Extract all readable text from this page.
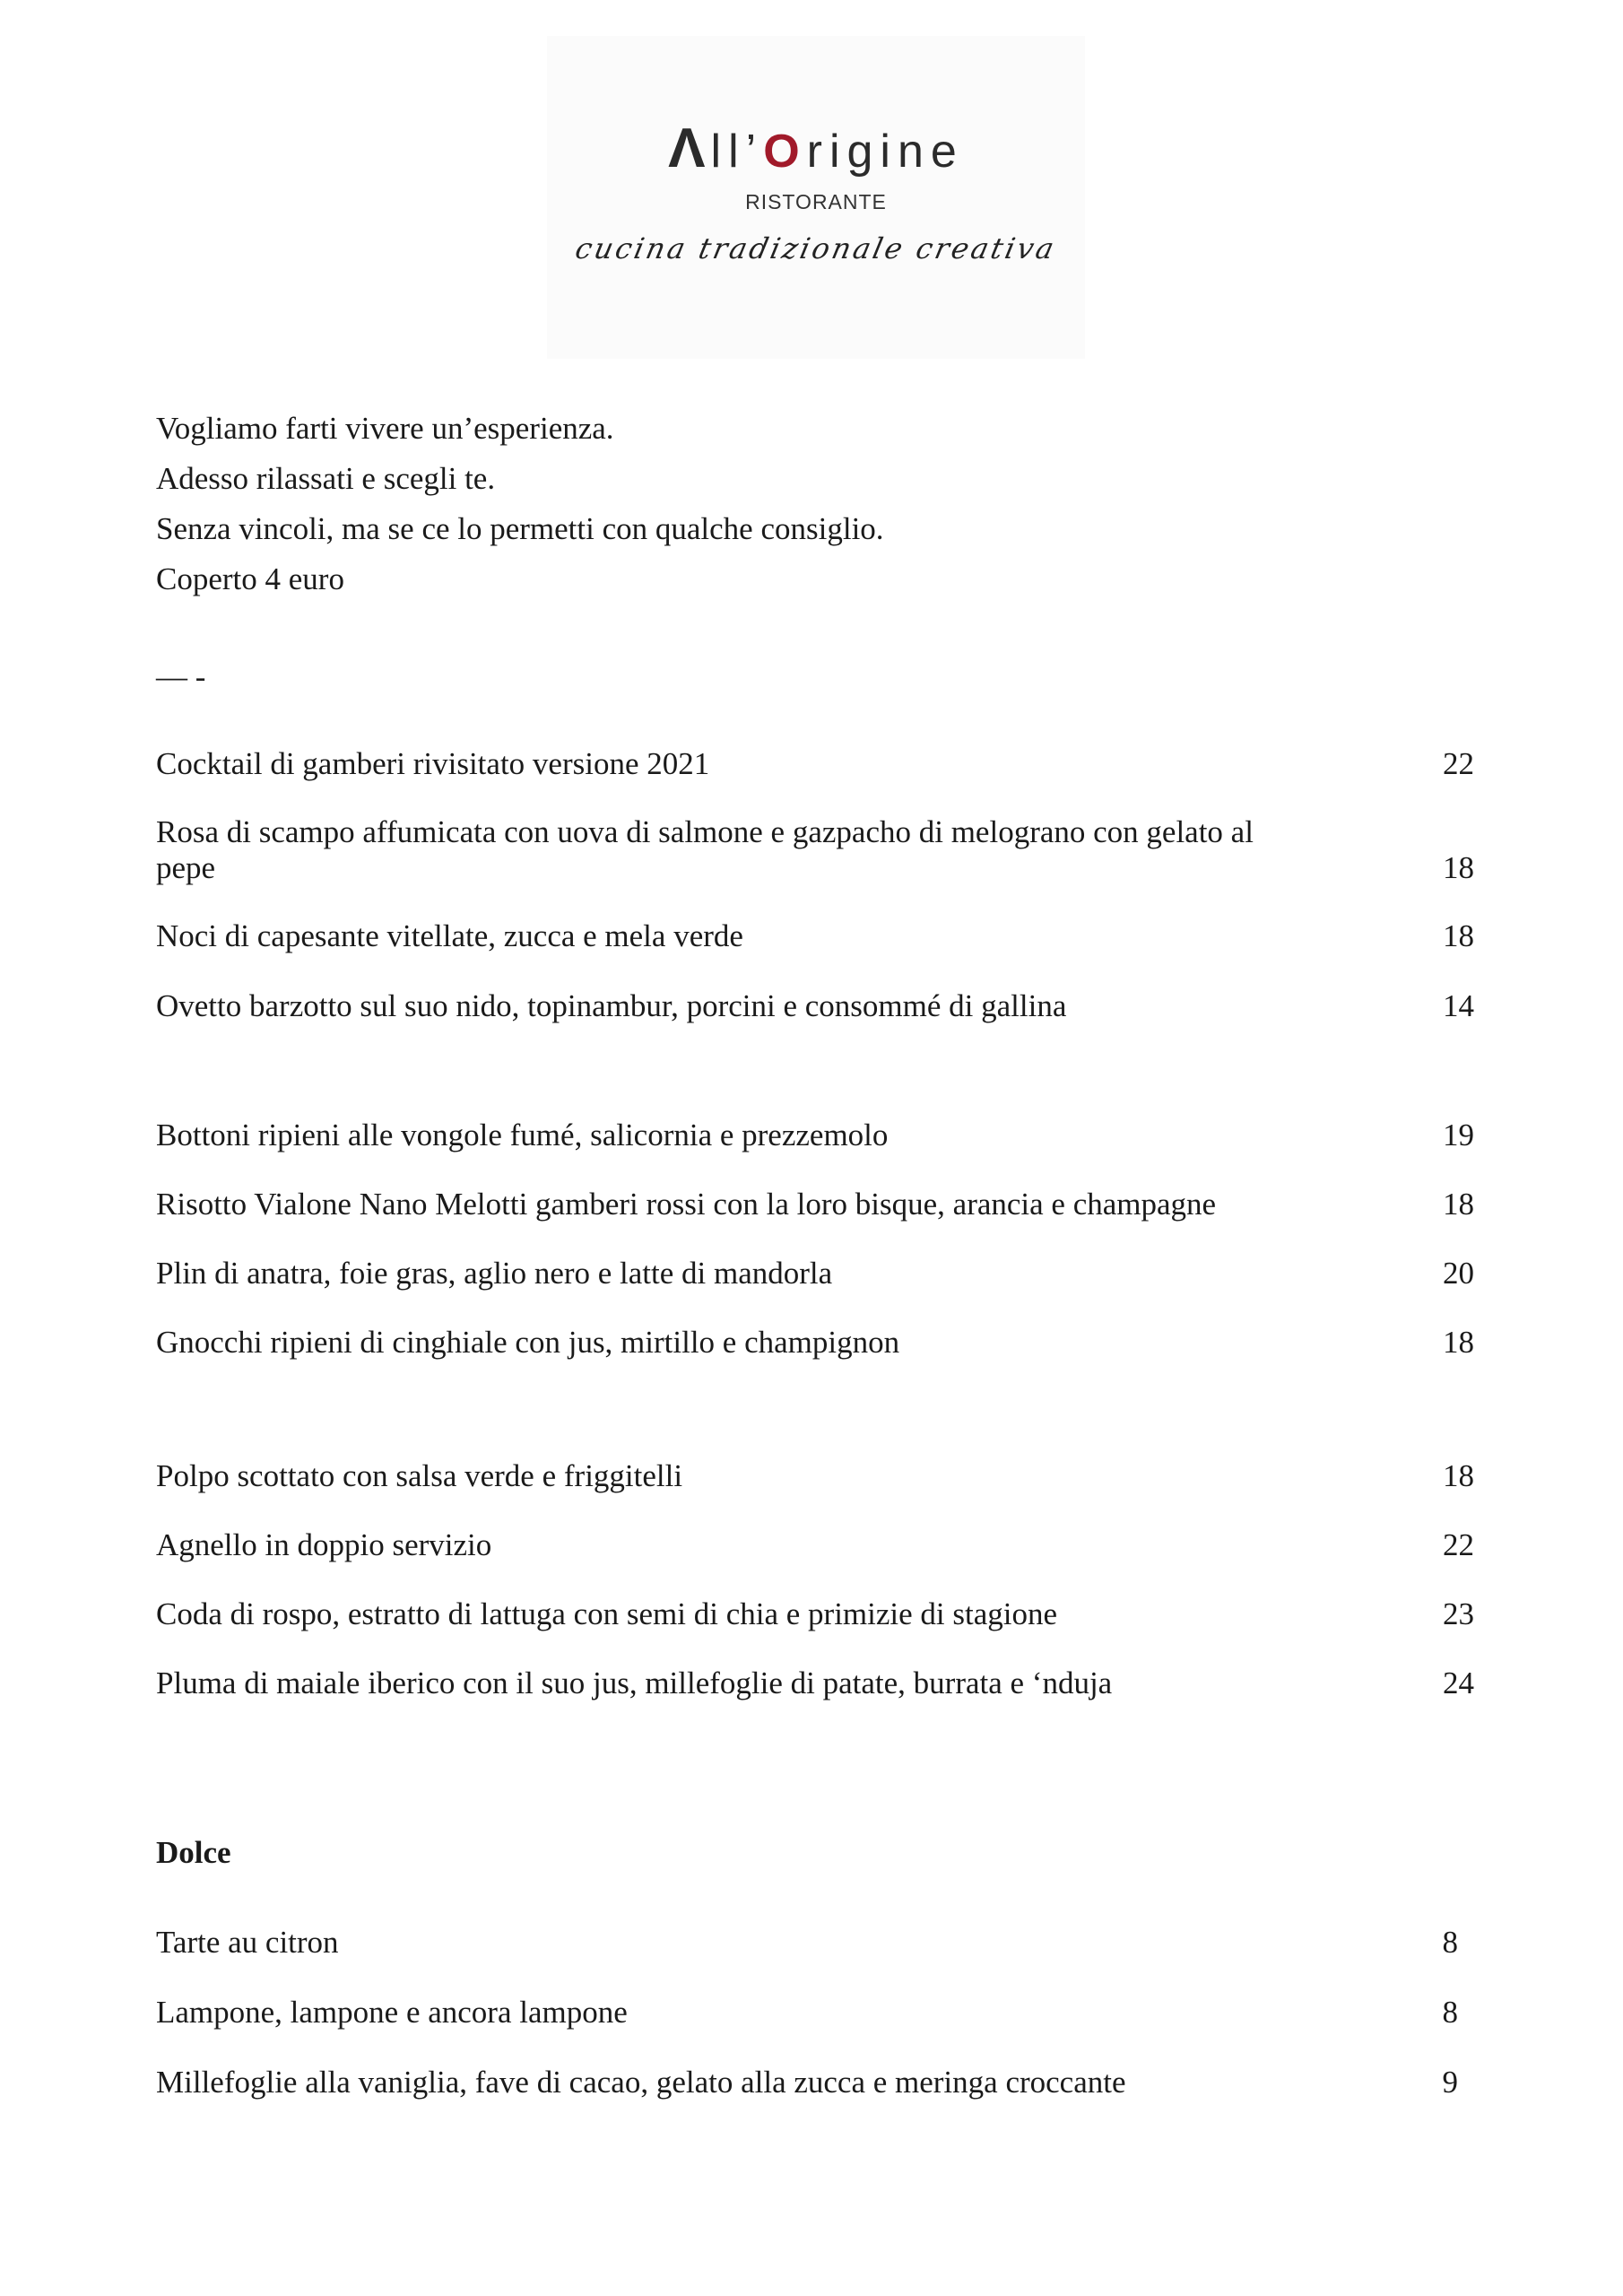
Λll’Origine
RISTORANTE
cucina tradizionale creativa
Vogliamo farti vivere un’esperienza.
Adesso rilassati e scegli te.
Senza vincoli, ma se ce lo permetti con qualche consiglio.
Coperto 4 euro
— -
Cocktail di gamberi rivisitato versione 2021	22
Rosa di scampo affumicata con uova di salmone e gazpacho di melograno con gelato al pepe	18
Noci di capesante vitellate, zucca e mela verde	18
Ovetto barzotto sul suo nido, topinambur, porcini e consommé di gallina	14
Bottoni ripieni alle vongole fumé, salicornia e prezzemolo	19
Risotto Vialone Nano Melotti gamberi rossi con la loro bisque, arancia e champagne	18
Plin di anatra, foie gras, aglio nero e latte di mandorla	20
Gnocchi ripieni di cinghiale con jus, mirtillo e champignon	18
Polpo scottato con salsa verde e friggitelli	18
Agnello in doppio servizio	22
Coda di rospo, estratto di lattuga con semi di chia e primizie di stagione	23
Pluma di maiale iberico con il suo jus, millefoglie di patate, burrata e ‘nduja	24
Dolce
Tarte au citron	8
Lampone, lampone e ancora lampone	8
Millefoglie alla vaniglia, fave di cacao, gelato alla zucca e meringa croccante	9
